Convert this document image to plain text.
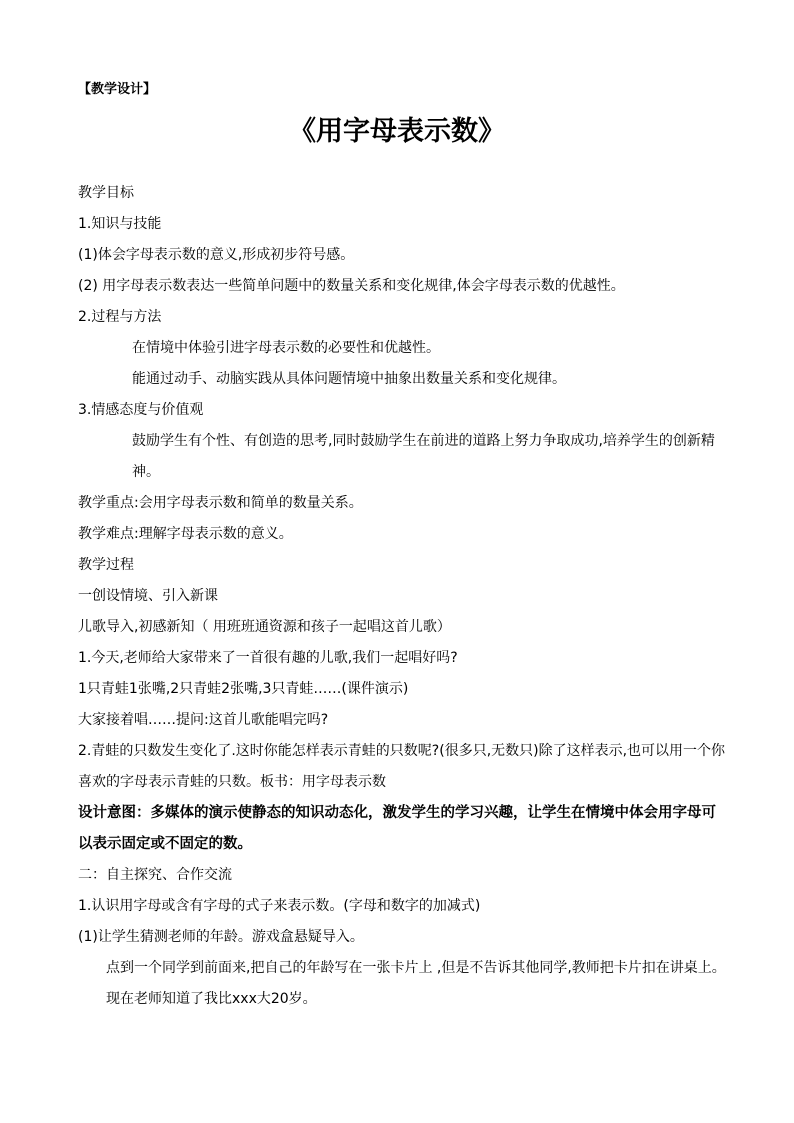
【教学设计】
《用字母表示数》
教学目标
1.知识与技能
(1)体会字母表示数的意义,形成初步符号感。
(2) 用字母表示数表达一些简单问题中的数量关系和变化规律,体会字母表示数的优越性。
2.过程与方法
在情境中体验引进字母表示数的必要性和优越性。
能通过动手、动脑实践从具体问题情境中抽象出数量关系和变化规律。
3.情感态度与价值观
鼓励学生有个性、有创造的思考,同时鼓励学生在前进的道路上努力争取成功,培养学生的创新精神。
教学重点:会用字母表示数和简单的数量关系。
教学难点:理解字母表示数的意义。
教学过程
一创设情境、引入新课
儿歌导入,初感新知（ 用班班通资源和孩子一起唱这首儿歌）
1.今天,老师给大家带来了一首很有趣的儿歌,我们一起唱好吗?
1只青蛙1张嘴,2只青蛙2张嘴,3只青蛙……(课件演示)
大家接着唱……提问:这首儿歌能唱完吗?
2.青蛙的只数发生变化了.这时你能怎样表示青蛙的只数呢?(很多只,无数只)除了这样表示,也可以用一个你喜欢的字母表示青蛙的只数。板书：用字母表示数
设计意图：多媒体的演示使静态的知识动态化，激发学生的学习兴趣，让学生在情境中体会用字母可以表示固定或不固定的数。
二：自主探究、合作交流
1.认识用字母或含有字母的式子来表示数。(字母和数字的加减式)
(1)让学生猜测老师的年龄。游戏盒悬疑导入。
点到一个同学到前面来,把自己的年龄写在一张卡片上 ,但是不告诉其他同学,教师把卡片扣在讲桌上。现在老师知道了我比xxx大20岁。
